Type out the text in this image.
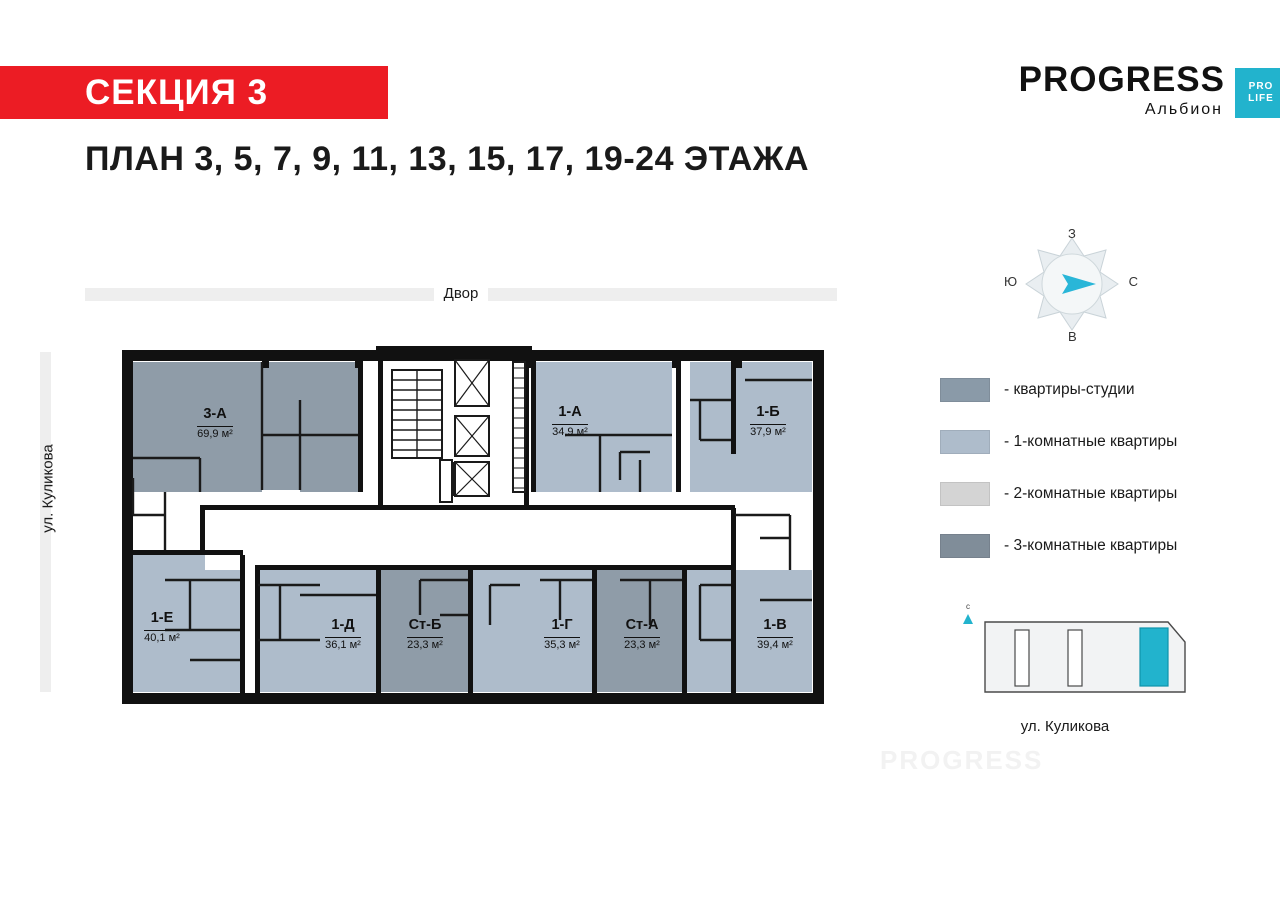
СЕКЦИЯ 3
ПЛАН 3, 5, 7, 9, 11, 13, 15, 17, 19-24 ЭТАЖА
PROGRESS
Альбион
PRO
LIFE
З
В
С
Ю
- квартиры-студии
- 1-комнатные квартиры
- 2-комнатные квартиры
- 3-комнатные квартиры
с
ул. Куликова
Двор
ул. Куликова
3-А
69,9 м²
1-А
34,9 м²
1-Б
37,9 м²
1-Е
40,1 м²
1-Д
36,1 м²
Ст-Б
23,3 м²
1-Г
35,3 м²
Ст-А
23,3 м²
1-В
39,4 м²
PROGRESS
